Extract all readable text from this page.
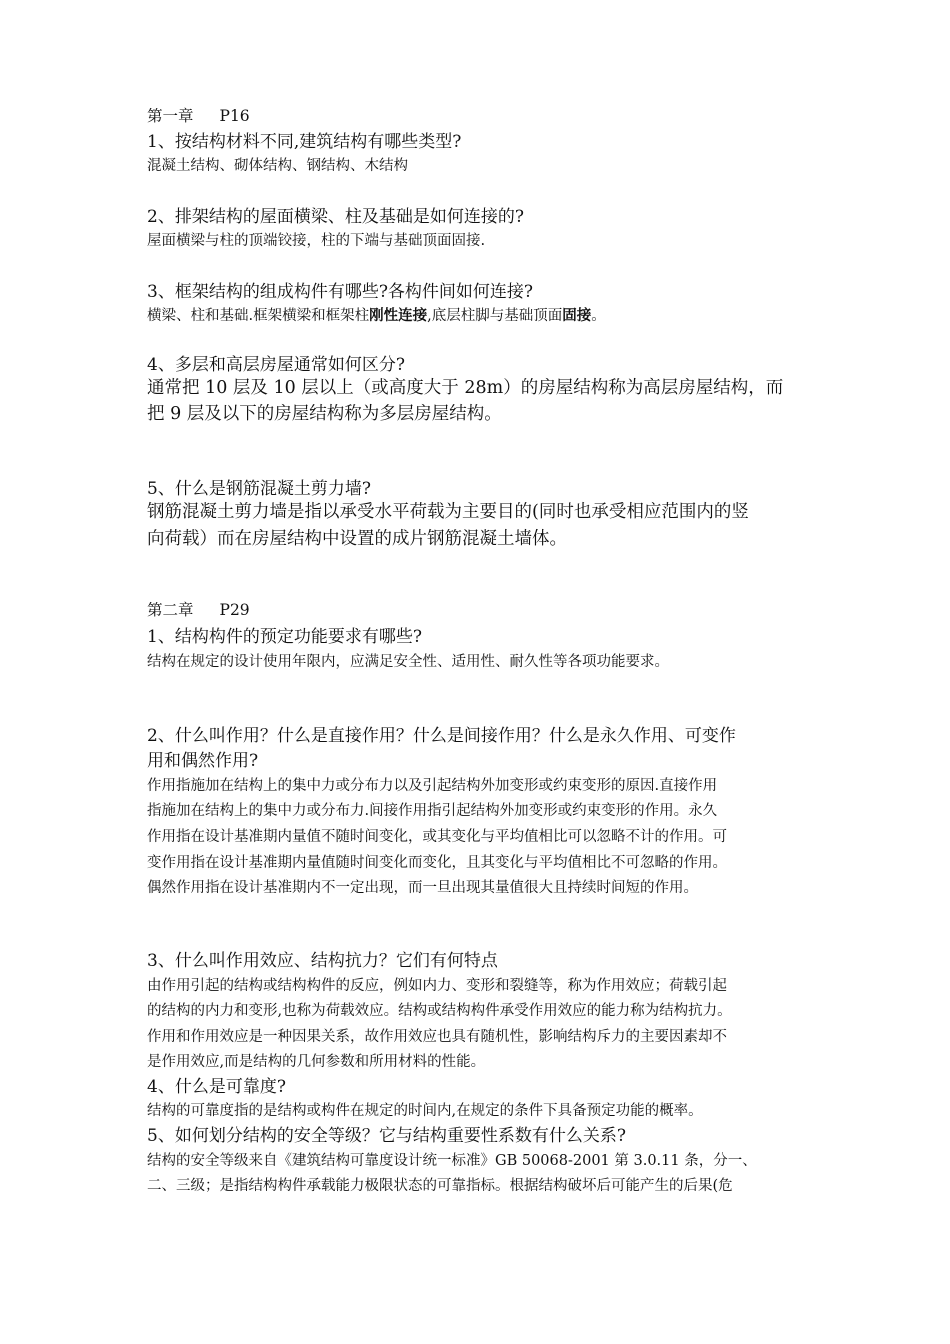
第一章 P16
1、按结构材料不同,建筑结构有哪些类型?
混凝土结构、砌体结构、钢结构、木结构
2、排架结构的屋面横梁、柱及基础是如何连接的?
屋面横梁与柱的顶端铰接，柱的下端与基础顶面固接.
3、框架结构的组成构件有哪些?各构件间如何连接?
横梁、柱和基础.框架横梁和框架柱刚性连接,底层柱脚与基础顶面固接。
4、多层和高层房屋通常如何区分?
通常把 10 层及 10 层以上（或高度大于 28m）的房屋结构称为高层房屋结构，而
把 9 层及以下的房屋结构称为多层房屋结构。
5、什么是钢筋混凝土剪力墙?
钢筋混凝土剪力墙是指以承受水平荷载为主要目的(同时也承受相应范围内的竖
向荷载）而在房屋结构中设置的成片钢筋混凝土墙体。
第二章 P29
1、结构构件的预定功能要求有哪些?
结构在规定的设计使用年限内，应满足安全性、适用性、耐久性等各项功能要求。
2、什么叫作用？什么是直接作用？什么是间接作用？什么是永久作用、可变作
用和偶然作用?
作用指施加在结构上的集中力或分布力以及引起结构外加变形或约束变形的原因.直接作用
指施加在结构上的集中力或分布力.间接作用指引起结构外加变形或约束变形的作用。永久
作用指在设计基准期内量值不随时间变化，或其变化与平均值相比可以忽略不计的作用。可
变作用指在设计基准期内量值随时间变化而变化，且其变化与平均值相比不可忽略的作用。
偶然作用指在设计基准期内不一定出现，而一旦出现其量值很大且持续时间短的作用。
3、什么叫作用效应、结构抗力？它们有何特点
由作用引起的结构或结构构件的反应，例如内力、变形和裂缝等，称为作用效应；荷载引起
的结构的内力和变形,也称为荷载效应。结构或结构构件承受作用效应的能力称为结构抗力。
作用和作用效应是一种因果关系，故作用效应也具有随机性，影响结构斥力的主要因素却不
是作用效应,而是结构的几何参数和所用材料的性能。
4、什么是可靠度?
结构的可靠度指的是结构或构件在规定的时间内,在规定的条件下具备预定功能的概率。
5、如何划分结构的安全等级？它与结构重要性系数有什么关系?
结构的安全等级来自《建筑结构可靠度设计统一标准》GB 50068-2001 第 3.0.11 条，分一、
二、三级；是指结构构件承载能力极限状态的可靠指标。根据结构破坏后可能产生的后果(危
